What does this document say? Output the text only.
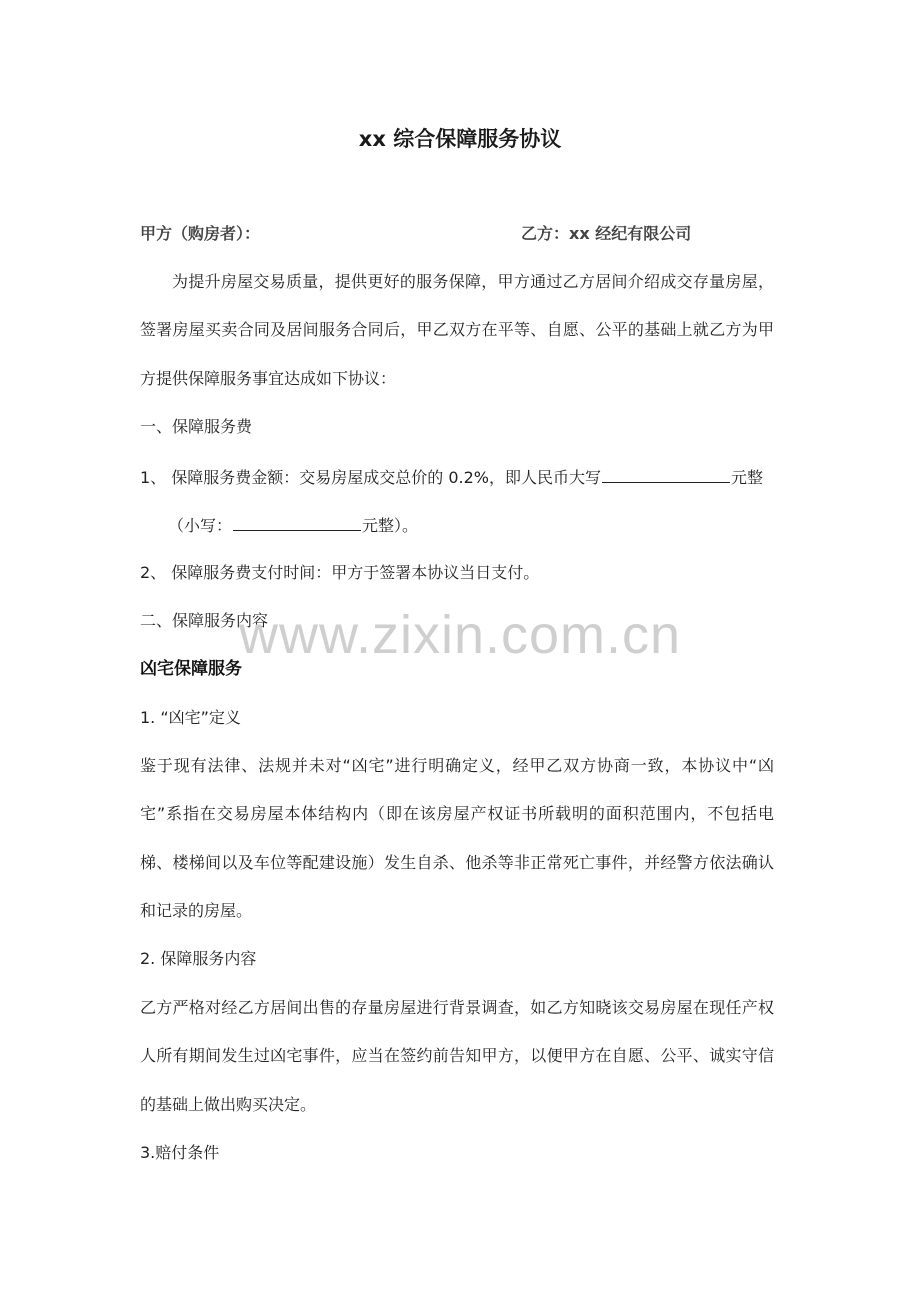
xx 综合保障服务协议
甲方（购房者）：	乙方：xx 经纪有限公司
为提升房屋交易质量，提供更好的服务保障，甲方通过乙方居间介绍成交存量房屋，
签署房屋买卖合同及居间服务合同后，甲乙双方在平等、自愿、公平的基础上就乙方为甲
方提供保障服务事宜达成如下协议：
一、保障服务费
1、 保障服务费金额：交易房屋成交总价的 0.2%，即人民币大写	元整
（小写：	元整）。
2、 保障服务费支付时间：甲方于签署本协议当日支付。
二、保障服务内容
www.zixin.com.cn
凶宅保障服务
1. “凶宅”定义
鉴于现有法律、法规并未对“凶宅”进行明确定义，经甲乙双方协商一致，本协议中“凶
宅”系指在交易房屋本体结构内（即在该房屋产权证书所载明的面积范围内，不包括电
梯、楼梯间以及车位等配建设施）发生自杀、他杀等非正常死亡事件，并经警方依法确认
和记录的房屋。
2. 保障服务内容
乙方严格对经乙方居间出售的存量房屋进行背景调查，如乙方知晓该交易房屋在现任产权
人所有期间发生过凶宅事件，应当在签约前告知甲方，以便甲方在自愿、公平、诚实守信
的基础上做出购买决定。
3.赔付条件
